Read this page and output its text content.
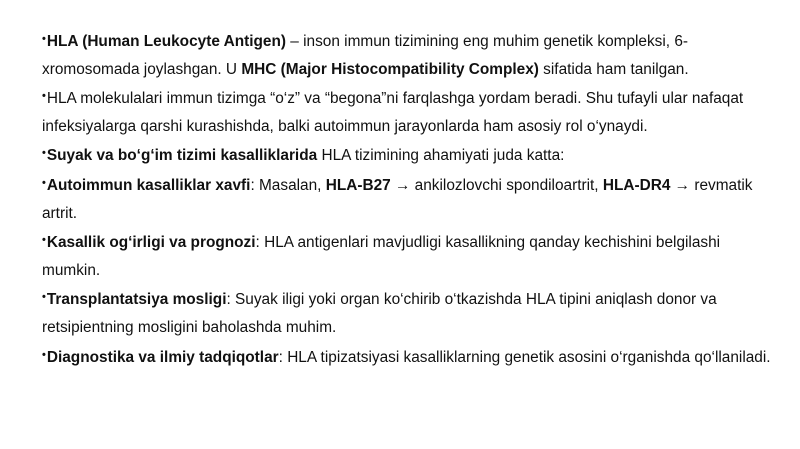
•HLA (Human Leukocyte Antigen) – inson immun tizimining eng muhim genetik kompleksi, 6-xromosomada joylashgan. U MHC (Major Histocompatibility Complex) sifatida ham tanilgan.

•HLA molekulalari immun tizimga “o‘z” va “begona”ni farqlashga yordam beradi. Shu tufayli ular nafaqat infeksiyalarga qarshi kurashishda, balki autoimmun jarayonlarda ham asosiy rol o‘ynaydi.

•Suyak va bo‘g‘im tizimi kasalliklarida HLA tizimining ahamiyati juda katta:

•Autoimmun kasalliklar xavfi: Masalan, HLA-B27 → ankilozlovchi spondiloartrit, HLA-DR4 → revmatik artrit.

•Kasallik og‘irligi va prognozi: HLA antigenlari mavjudligi kasallikning qanday kechishini belgilashi mumkin.

•Transplantatsiya mosligi: Suyak iligi yoki organ ko‘chirib o‘tkazishda HLA tipini aniqlash donor va retsipientning mosligini baholashda muhim.

•Diagnostika va ilmiy tadqiqotlar: HLA tipizatsiyasi kasalliklarning genetik asosini o‘rganishda qo‘llaniladi.
